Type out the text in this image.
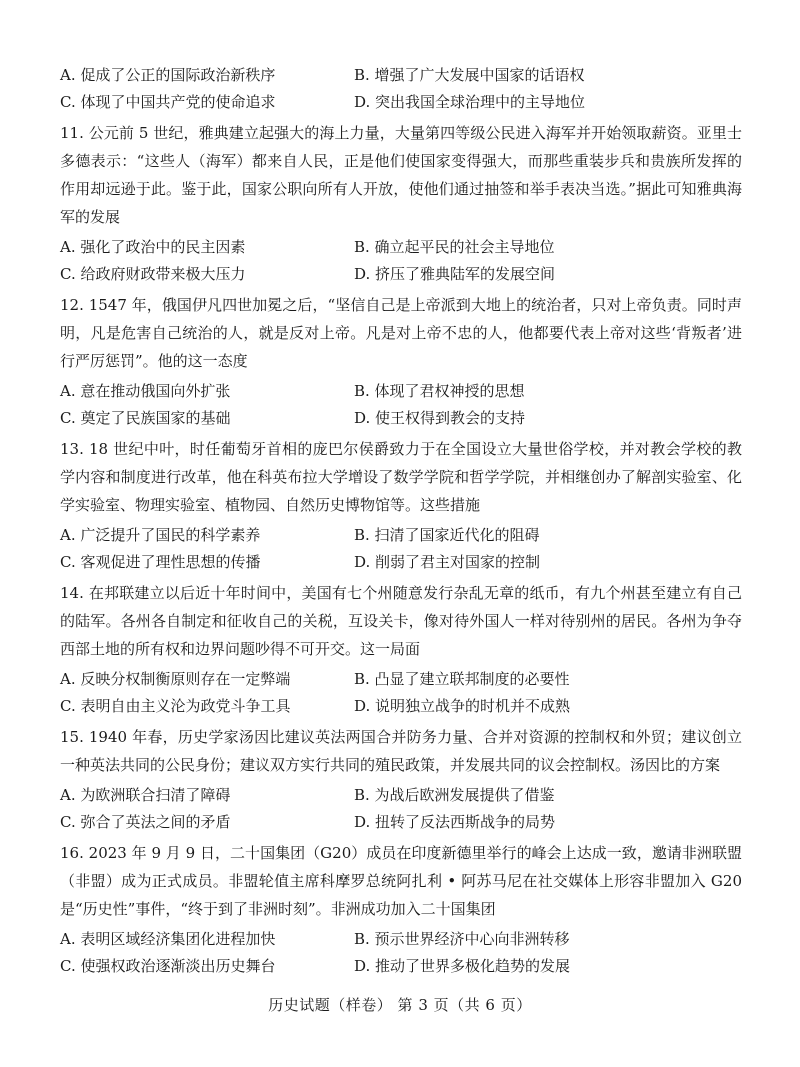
A. 促成了公正的国际政治新秩序	B. 增强了广大发展中国家的话语权
C. 体现了中国共产党的使命追求	D. 突出我国全球治理中的主导地位
11. 公元前 5 世纪，雅典建立起强大的海上力量，大量第四等级公民进入海军并开始领取薪资。亚里士多德表示：“这些人（海军）都来自人民，正是他们使国家变得强大，而那些重装步兵和贵族所发挥的作用却远逊于此。鉴于此，国家公职向所有人开放，使他们通过抽签和举手表决当选。”据此可知雅典海军的发展
A. 强化了政治中的民主因素	B. 确立起平民的社会主导地位
C. 给政府财政带来极大压力	D. 挤压了雅典陆军的发展空间
12. 1547 年，俄国伊凡四世加冕之后，“坚信自己是上帝派到大地上的统治者，只对上帝负责。同时声明，凡是危害自己统治的人，就是反对上帝。凡是对上帝不忠的人，他都要代表上帝对这些‘背叛者’进行严厉惩罚”。他的这一态度
A. 意在推动俄国向外扩张	B. 体现了君权神授的思想
C. 奠定了民族国家的基础	D. 使王权得到教会的支持
13. 18 世纪中叶，时任葡萄牙首相的庞巴尔侯爵致力于在全国设立大量世俗学校，并对教会学校的教学内容和制度进行改革，他在科英布拉大学增设了数学学院和哲学学院，并相继创办了解剖实验室、化学实验室、物理实验室、植物园、自然历史博物馆等。这些措施
A. 广泛提升了国民的科学素养	B. 扫清了国家近代化的阻碍
C. 客观促进了理性思想的传播	D. 削弱了君主对国家的控制
14. 在邦联建立以后近十年时间中，美国有七个州随意发行杂乱无章的纸币，有九个州甚至建立有自己的陆军。各州各自制定和征收自己的关税，互设关卡，像对待外国人一样对待别州的居民。各州为争夺西部土地的所有权和边界问题吵得不可开交。这一局面
A. 反映分权制衡原则存在一定弊端	B. 凸显了建立联邦制度的必要性
C. 表明自由主义沦为政党斗争工具	D. 说明独立战争的时机并不成熟
15. 1940 年春，历史学家汤因比建议英法两国合并防务力量、合并对资源的控制权和外贸；建议创立一种英法共同的公民身份；建议双方实行共同的殖民政策，并发展共同的议会控制权。汤因比的方案
A. 为欧洲联合扫清了障碍	B. 为战后欧洲发展提供了借鉴
C. 弥合了英法之间的矛盾	D. 扭转了反法西斯战争的局势
16. 2023 年 9 月 9 日，二十国集团（G20）成员在印度新德里举行的峰会上达成一致，邀请非洲联盟（非盟）成为正式成员。非盟轮值主席科摩罗总统阿扎利 • 阿苏马尼在社交媒体上形容非盟加入 G20 是“历史性”事件，“终于到了非洲时刻”。非洲成功加入二十国集团
A. 表明区域经济集团化进程加快	B. 预示世界经济中心向非洲转移
C. 使强权政治逐渐淡出历史舞台	D. 推动了世界多极化趋势的发展
历史试题（样卷） 第 3 页（共 6 页）
